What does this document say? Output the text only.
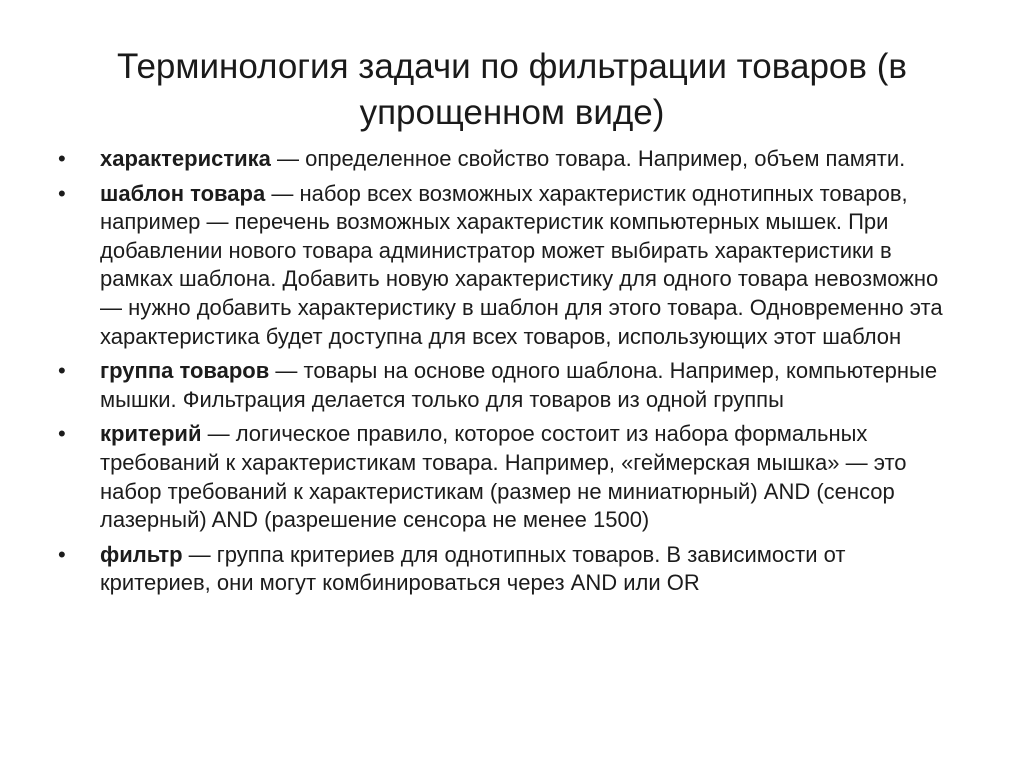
Терминология задачи по фильтрации товаров (в упрощенном виде)
•	характеристика — определенное свойство товара. Например, объем памяти.
•	шаблон товара — набор всех возможных характеристик однотипных товаров, например — перечень возможных характеристик компьютерных мышек. При добавлении нового товара администратор может выбирать характеристики в рамках шаблона. Добавить новую характеристику для одного товара невозможно — нужно добавить характеристику в шаблон для этого товара. Одновременно эта характеристика будет доступна для всех товаров, использующих этот шаблон
•	группа товаров — товары на основе одного шаблона. Например, компьютерные мышки. Фильтрация делается только для товаров из одной группы
•	критерий — логическое правило, которое состоит из набора формальных требований к характеристикам товара. Например, «геймерская мышка» — это набор требований к характеристикам (размер не миниатюрный) AND (сенсор лазерный) AND (разрешение сенсора не менее 1500)
•	фильтр — группа критериев для однотипных товаров. В зависимости от критериев, они могут комбинироваться через AND или OR
